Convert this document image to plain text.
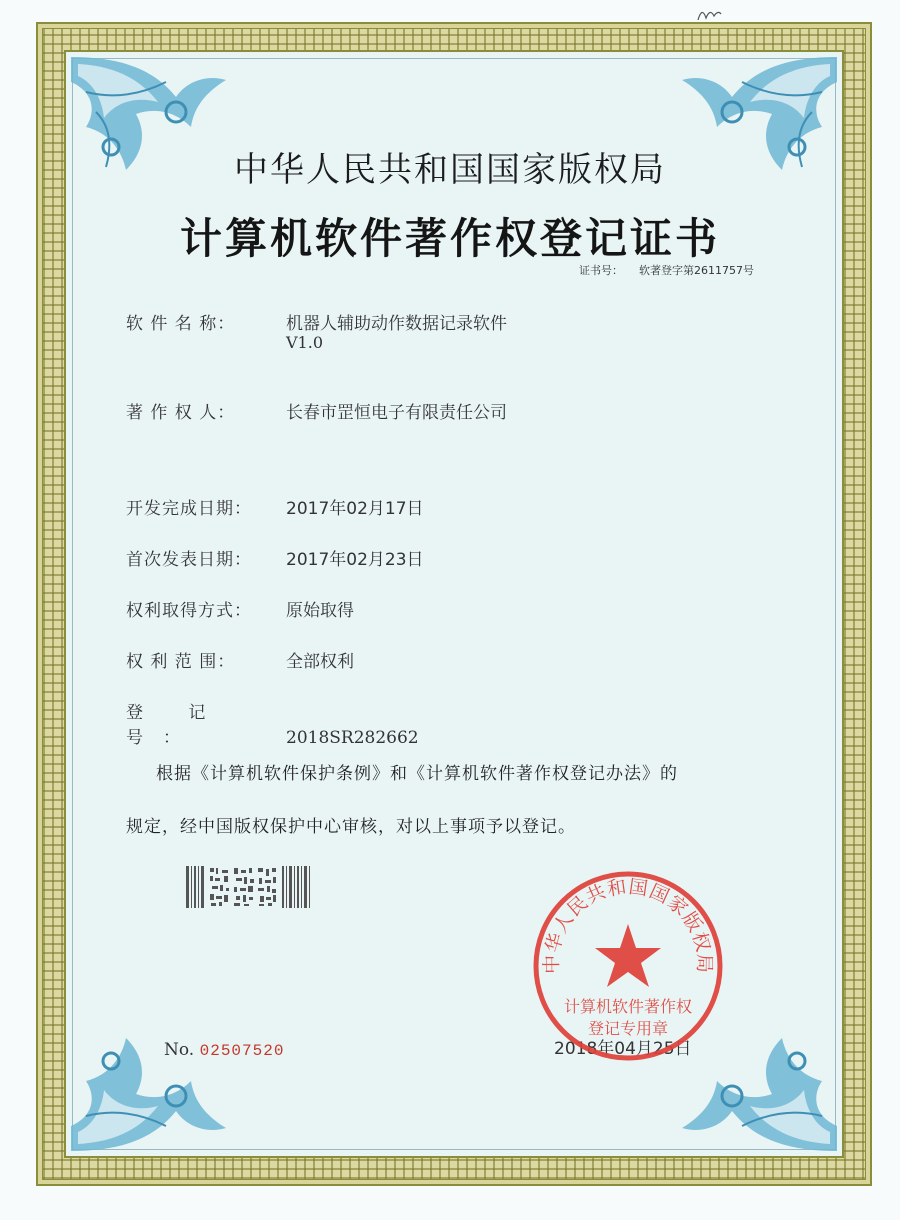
中华人民共和国国家版权局
计算机软件著作权登记证书
证书号： 软著登字第2611757号
软 件 名 称：	机器人辅助动作数据记录软件
V1.0
著 作 权 人：	长春市罡恒电子有限责任公司
开发完成日期： 2017年02月17日
首次发表日期： 2017年02月23日
权利取得方式： 原始取得
权 利 范 围：	全部权利
登 记 号：	2018SR282662
根据《计算机软件保护条例》和《计算机软件著作权登记办法》的
规定，经中国版权保护中心审核，对以上事项予以登记。
No. 02507520	2018年04月25日
中华人民共和国国家版权局
计算机软件著作权
登记专用章
